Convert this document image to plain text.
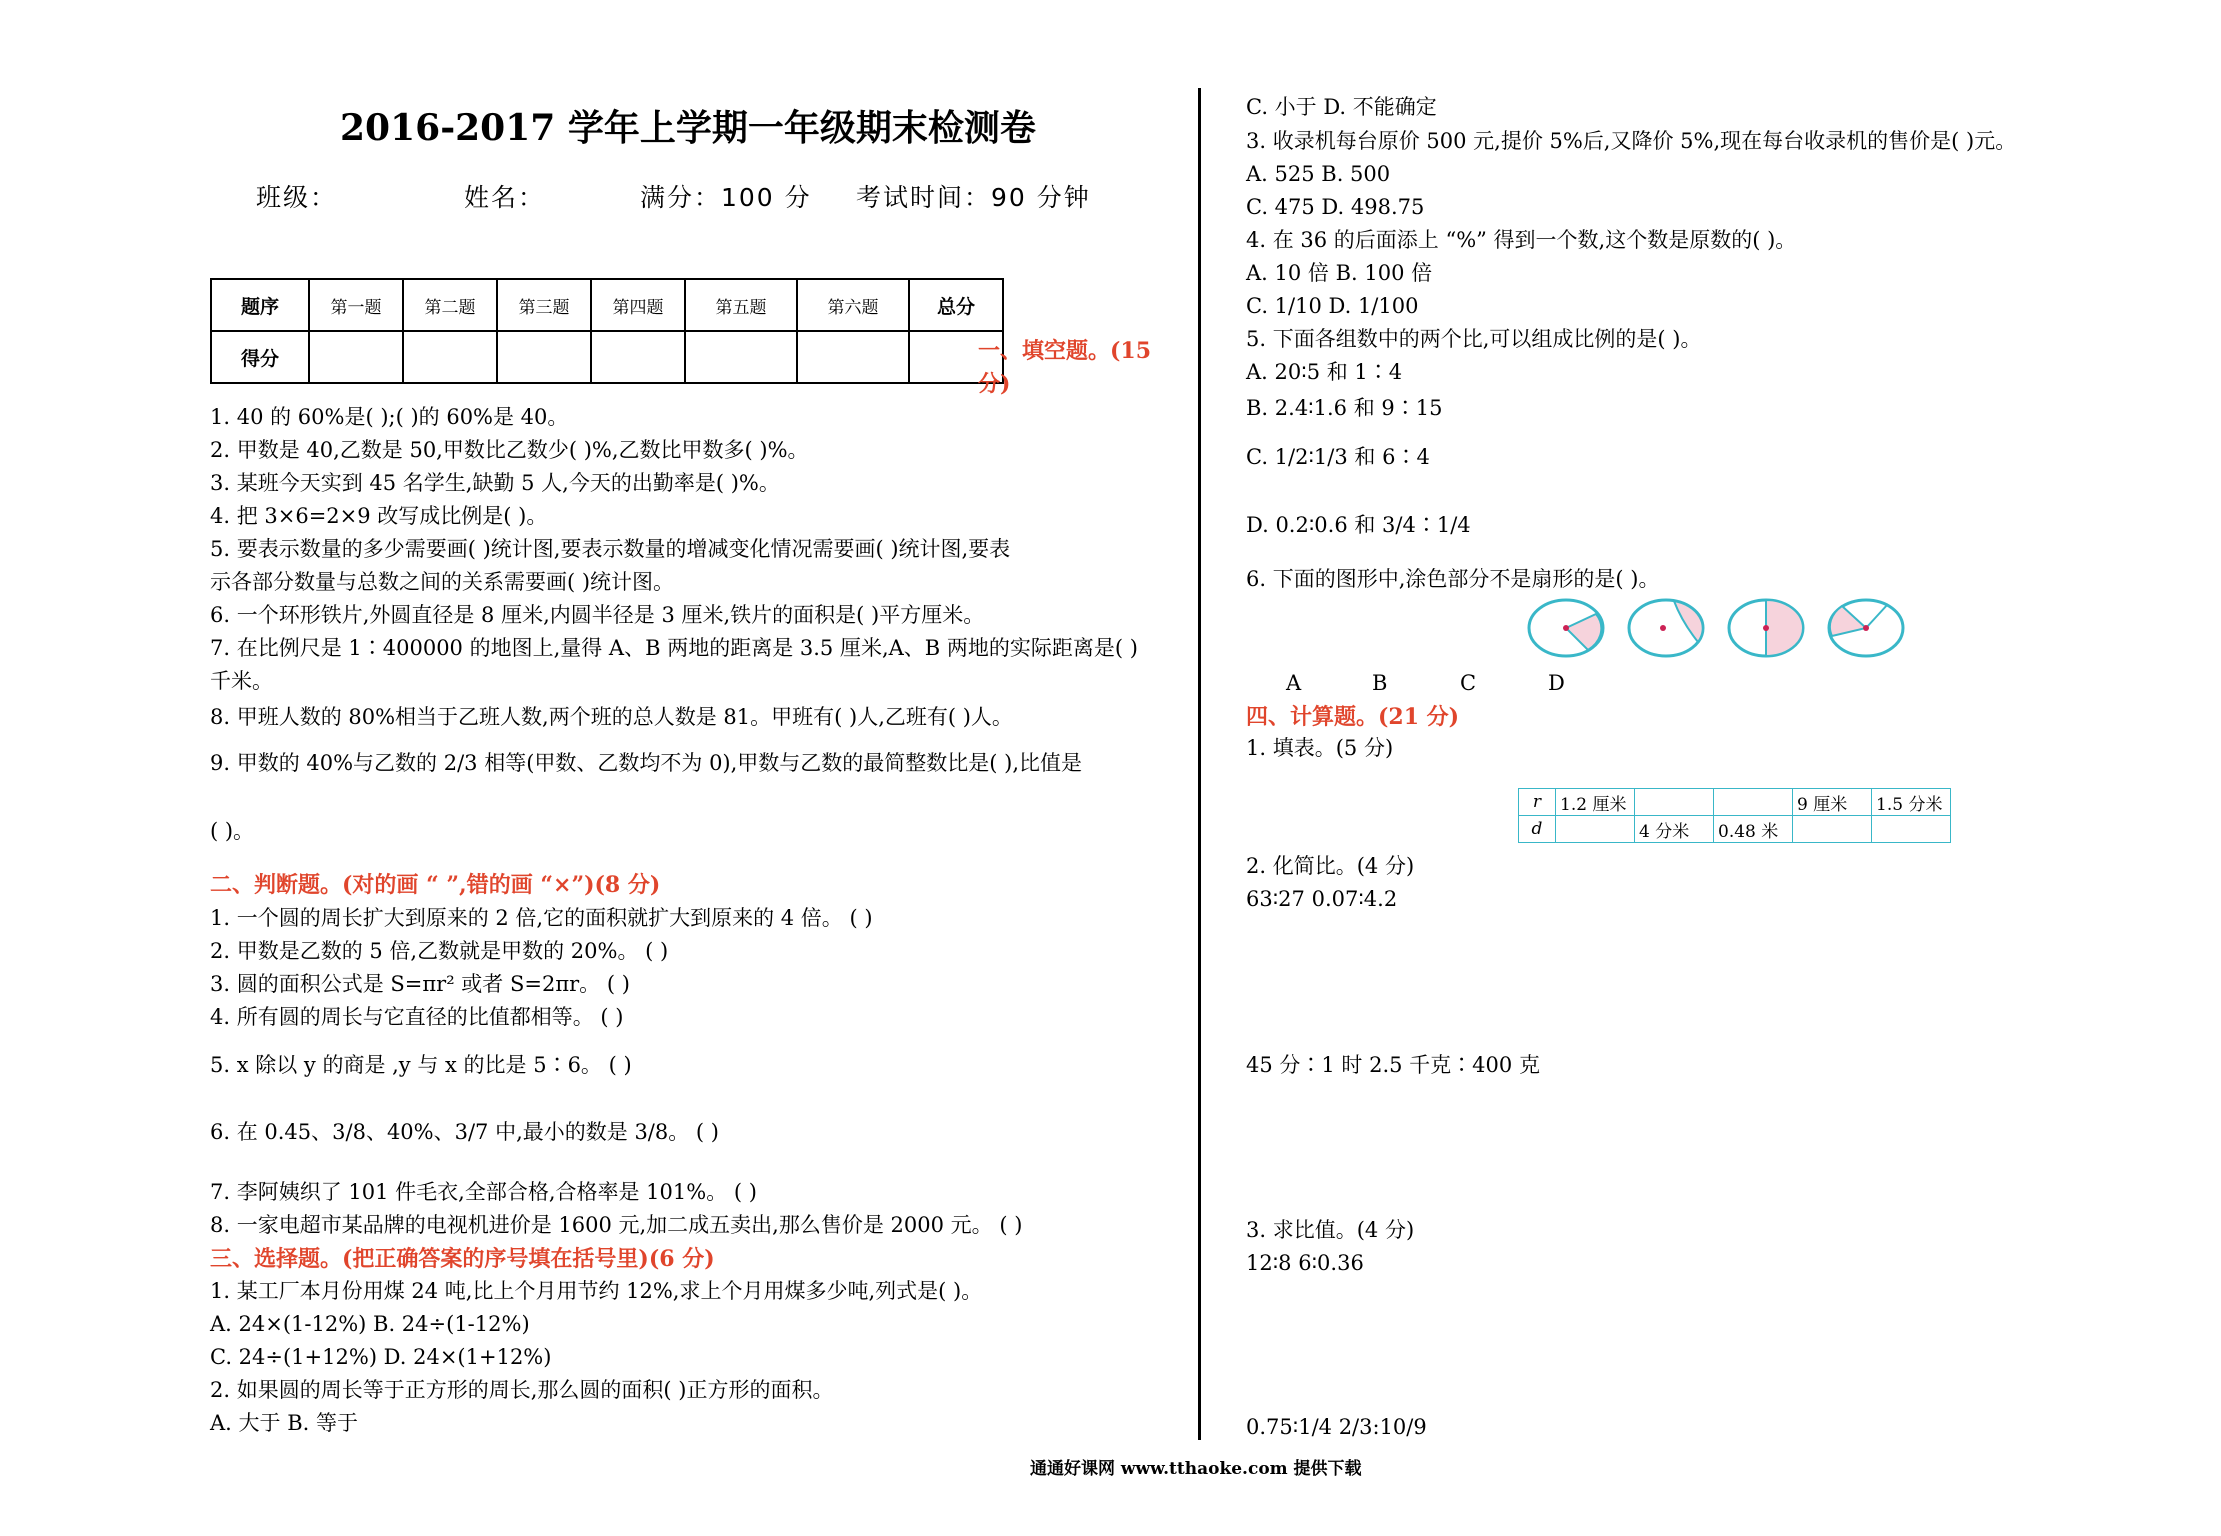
2016-2017 学年上学期一年级期末检测卷
班级：	姓名：	满分：100 分 考试时间：90 分钟
题序	第一题	第二题	第三题	第四题	第五题	第六题	总分
得分								一、填空题。(15
分)
1. 40 的 60%是( );( )的 60%是 40。
2. 甲数是 40,乙数是 50,甲数比乙数少( )%,乙数比甲数多( )%。
3. 某班今天实到 45 名学生,缺勤 5 人,今天的出勤率是( )%。
4. 把 3×6=2×9 改写成比例是( )。
5. 要表示数量的多少需要画( )统计图,要表示数量的增减变化情况需要画( )统计图,要表
示各部分数量与总数之间的关系需要画( )统计图。
6. 一个环形铁片,外圆直径是 8 厘米,内圆半径是 3 厘米,铁片的面积是( )平方厘米。
7. 在比例尺是 1∶400000 的地图上,量得 A、B 两地的距离是 3.5 厘米,A、B 两地的实际距离是( )
千米。
8. 甲班人数的 80%相当于乙班人数,两个班的总人数是 81。甲班有( )人,乙班有( )人。
9. 甲数的 40%与乙数的 2/3 相等(甲数、乙数均不为 0),甲数与乙数的最简整数比是( ),比值是
( )。
二、判断题。(对的画 “ ”,错的画 “×”)(8 分)
1. 一个圆的周长扩大到原来的 2 倍,它的面积就扩大到原来的 4 倍。 ( )
2. 甲数是乙数的 5 倍,乙数就是甲数的 20%。 ( )
3. 圆的面积公式是 S=πr² 或者 S=2πr。 ( )
4. 所有圆的周长与它直径的比值都相等。 ( )
5. x 除以 y 的商是 ,y 与 x 的比是 5∶6。 ( )
6. 在 0.45、3/8、40%、3/7 中,最小的数是 3/8。 ( )
7. 李阿姨织了 101 件毛衣,全部合格,合格率是 101%。 ( )
8. 一家电超市某品牌的电视机进价是 1600 元,加二成五卖出,那么售价是 2000 元。 ( )
三、选择题。(把正确答案的序号填在括号里)(6 分)
1. 某工厂本月份用煤 24 吨,比上个月用节约 12%,求上个月用煤多少吨,列式是( )。
A. 24×(1-12%) B. 24÷(1-12%)
C. 24÷(1+12%) D. 24×(1+12%)
2. 如果圆的周长等于正方形的周长,那么圆的面积( )正方形的面积。
A. 大于 B. 等于
C. 小于 D. 不能确定
3. 收录机每台原价 500 元,提价 5%后,又降价 5%,现在每台收录机的售价是( )元。
A. 525 B. 500
C. 475 D. 498.75
4. 在 36 的后面添上 “%” 得到一个数,这个数是原数的( )。
A. 10 倍 B. 100 倍
C. 1/10 D. 1/100
5. 下面各组数中的两个比,可以组成比例的是( )。
A. 20∶5 和 1∶4
B. 2.4∶1.6 和 9∶15
C. 1/2∶1/3 和 6∶4
D. 0.2∶0.6 和 3/4∶1/4
6. 下面的图形中,涂色部分不是扇形的是( )。
A	B	C	D
四、计算题。(21 分)
1. 填表。(5 分)
r	1.2 厘米			9 厘米	1.5 分米
d		4 分米	0.48 米		
2. 化简比。(4 分)
63∶27 0.07∶4.2
45 分∶1 时 2.5 千克∶400 克
3. 求比值。(4 分)
12∶8 6∶0.36
0.75∶1/4 2/3:10/9
通通好课网 www.tthaoke.com 提供下载
